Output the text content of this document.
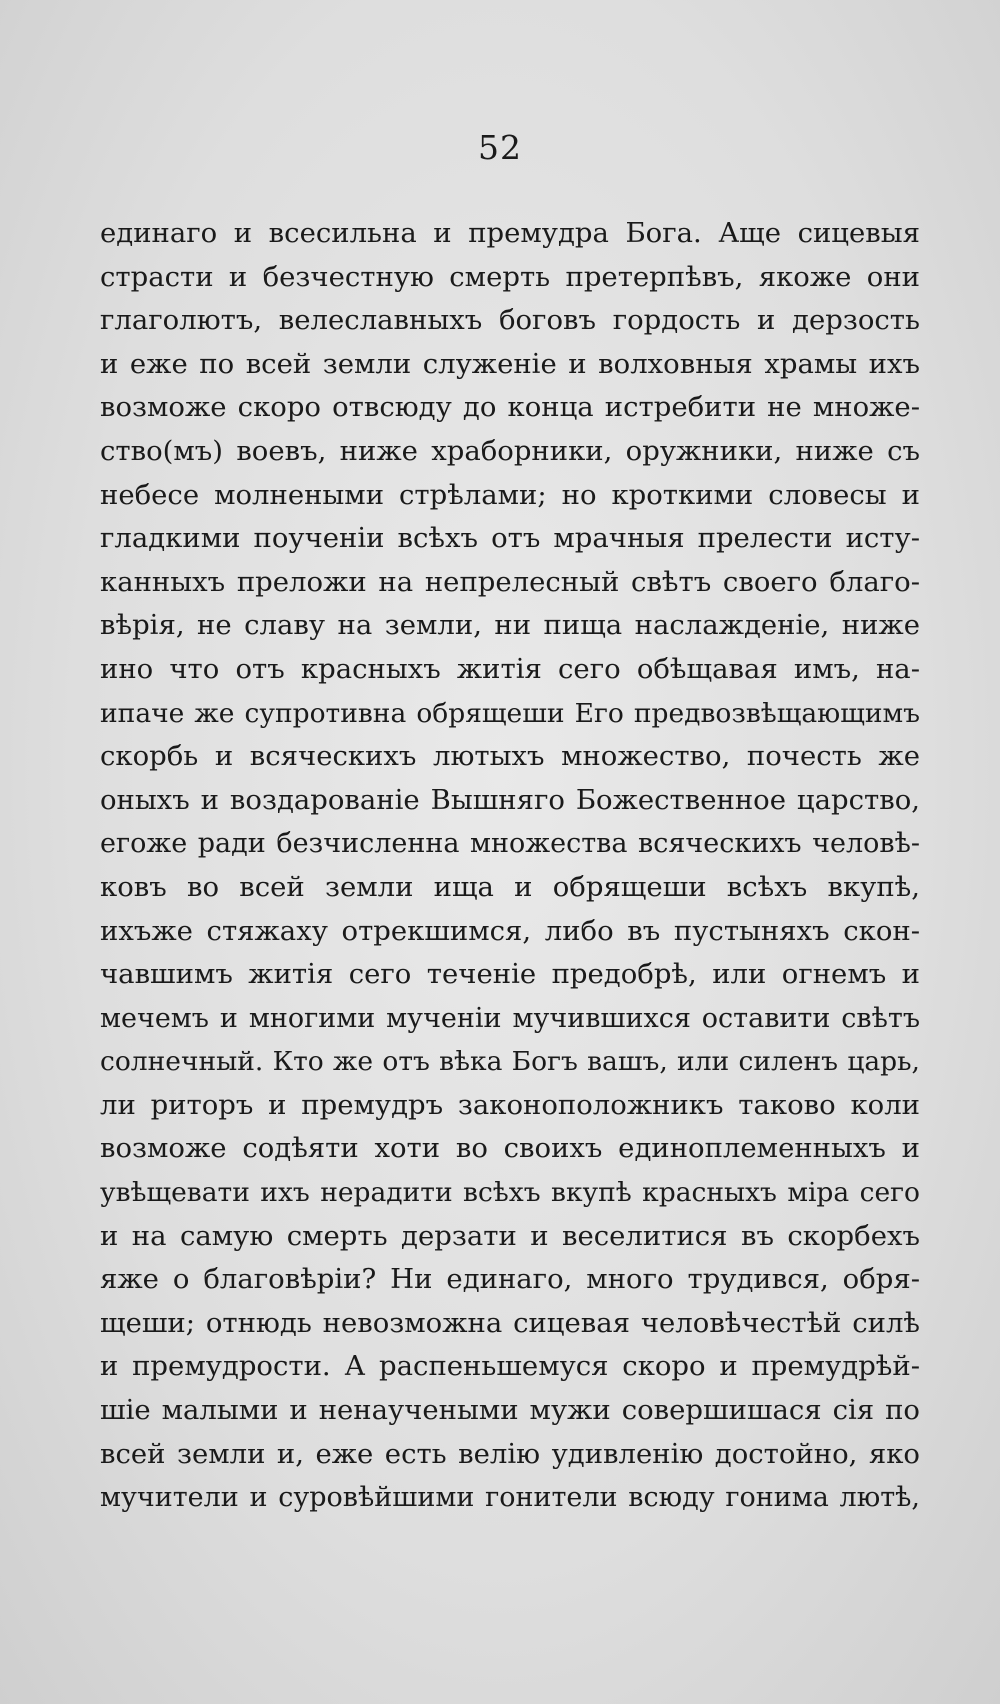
52
единаго и всесильна и премудра Бога. Аще сицевыя
страсти и безчестную смерть претерпѣвъ, якоже они
глаголютъ, велеславныхъ боговъ гордость и дерзость
и еже по всей земли служеніе и волховныя храмы ихъ
возможе скоро отвсюду до конца истребити не множе-
ство(мъ) воевъ, ниже храборники, оружники, ниже съ
небесе молнеными стрѣлами; но кроткими словесы и
гладкими поученіи всѣхъ отъ мрачныя прелести исту-
канныхъ преложи на непрелесный свѣтъ своего благо-
вѣрія, не славу на земли, ни пища наслажденіе, ниже
ино что отъ красныхъ житія сего обѣщавая имъ, на-
ипаче же супротивна обрящеши Его предвозвѣщающимъ
скорбь и всяческихъ лютыхъ множество, почесть же
оныхъ и воздарованіе Вышняго Божественное царство,
егоже ради безчисленна множества всяческихъ человѣ-
ковъ во всей земли ища и обрящеши всѣхъ вкупѣ,
ихъже стяжаху отрекшимся, либо въ пустыняхъ скон-
чавшимъ житія сего теченіе предобрѣ, или огнемъ и
мечемъ и многими мученіи мучившихся оставити свѣтъ
солнечный. Кто же отъ вѣка Богъ вашъ, или силенъ царь,
ли риторъ и премудръ законоположникъ таково коли
возможе содѣяти хоти во своихъ единоплеменныхъ и
увѣщевати ихъ нерадити всѣхъ вкупѣ красныхъ міра сего
и на самую смерть дерзати и веселитися въ скорбехъ
яже о благовѣріи? Ни единаго, много трудився, обря-
щеши; отнюдь невозможна сицевая человѣчестѣй силѣ
и премудрости. А распеньшемуся скоро и премудрѣй-
шіе малыми и ненаучеными мужи совершишася сія по
всей земли и, еже есть велію удивленію достойно, яко
мучители и суровѣйшими гонители всюду гонима лютѣ,
